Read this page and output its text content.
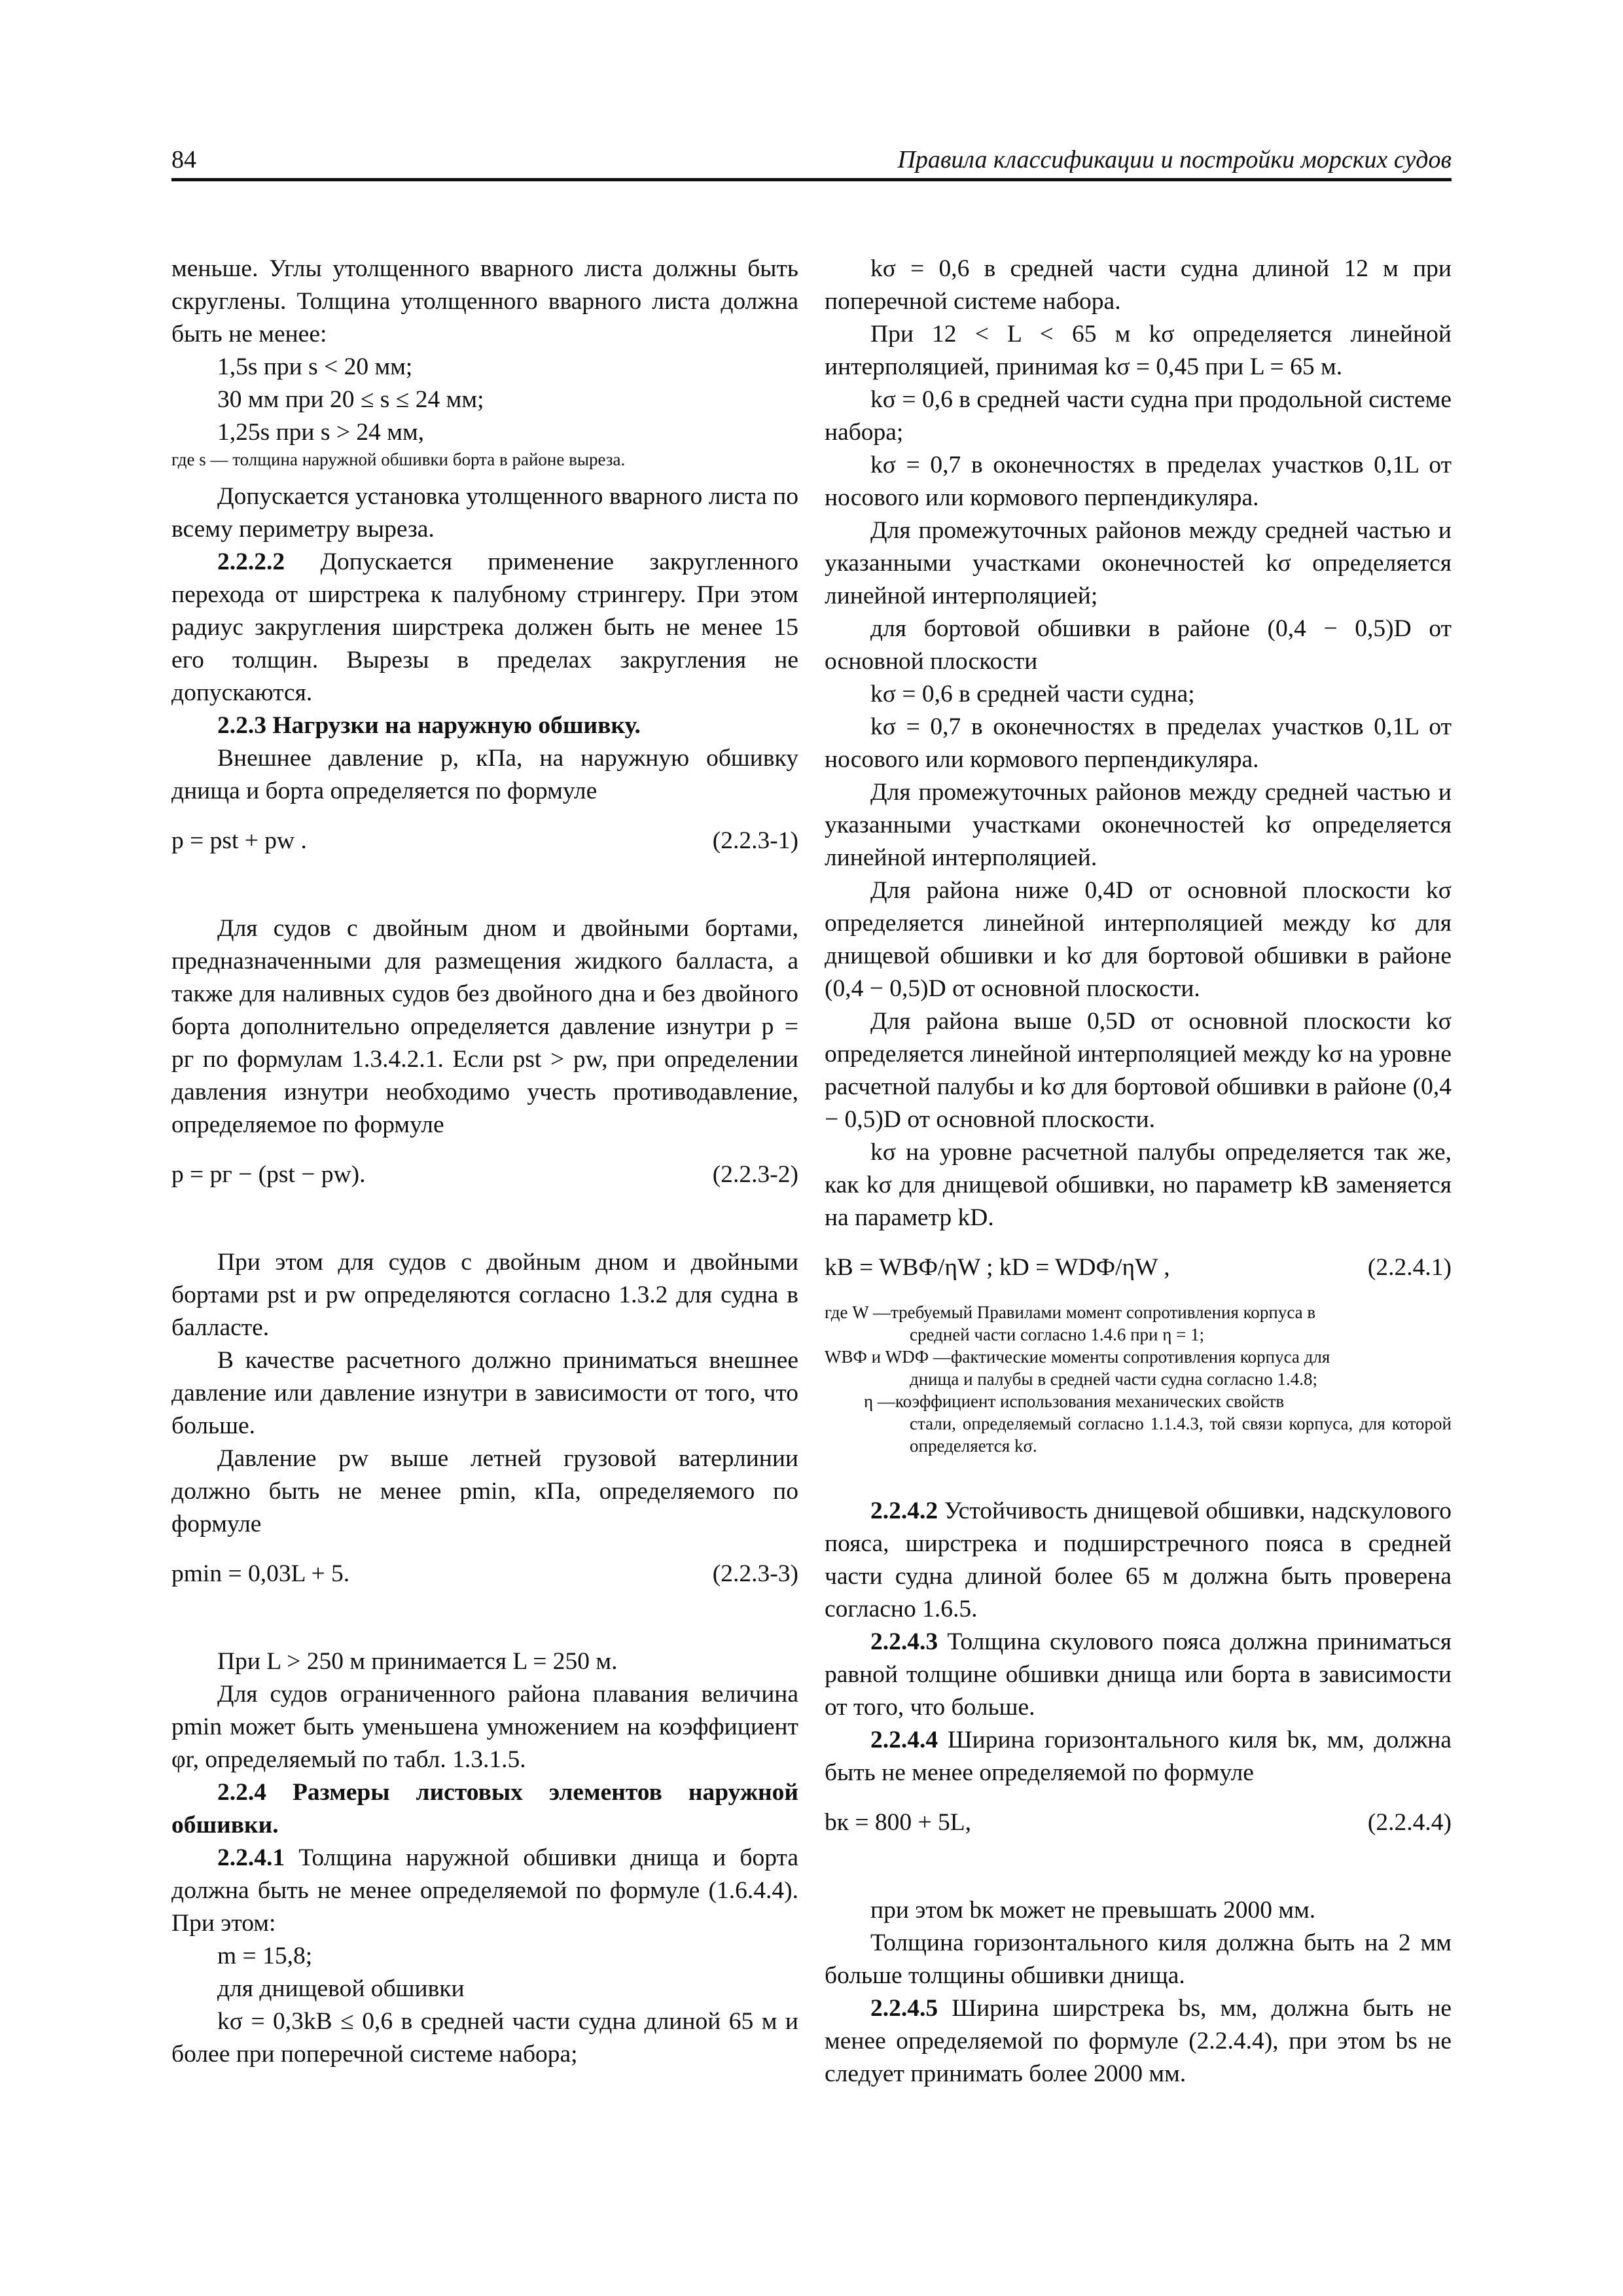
84	Правила классификации и постройки морских судов

меньше. Углы утолщенного вварного листа должны быть скруглены. Толщина утолщенного вварного листа должна быть не менее:

1,5s при s < 20 мм;

30 мм при 20 ≤ s ≤ 24 мм;

1,25s при s > 24 мм,

где s — толщина наружной обшивки борта в районе выреза.

Допускается установка утолщенного вварного листа по всему периметру выреза.

2.2.2.2 Допускается применение закругленного перехода от ширстрека к палубному стрингеру. При этом радиус закругления ширстрека должен быть не менее 15 его толщин. Вырезы в пределах закругления не допускаются.

2.2.3 Нагрузки на наружную обшивку.

Внешнее давление p, кПа, на наружную обшивку днища и борта определяется по формуле

p = pst + pw .	(2.2.3-1)

Для судов с двойным дном и двойными бортами, предназначенными для размещения жидкого балласта, а также для наливных судов без двойного дна и без двойного борта дополнительно определяется давление изнутри p = pг по формулам 1.3.4.2.1. Если pst > pw, при определении давления изнутри необходимо учесть противодавление, определяемое по формуле

p = pг − (pst − pw).	(2.2.3-2)

При этом для судов с двойным дном и двойными бортами pst и pw определяются согласно 1.3.2 для судна в балласте.

В качестве расчетного должно приниматься внешнее давление или давление изнутри в зависимости от того, что больше.

Давление pw выше летней грузовой ватерлинии должно быть не менее pmin, кПа, определяемого по формуле

pmin = 0,03L + 5.	(2.2.3-3)

При L > 250 м принимается L = 250 м.

Для судов ограниченного района плавания величина pmin может быть уменьшена умножением на коэффициент φr, определяемый по табл. 1.3.1.5.

2.2.4 Размеры листовых элементов наружной обшивки.

2.2.4.1 Толщина наружной обшивки днища и борта должна быть не менее определяемой по формуле (1.6.4.4). При этом:

m = 15,8;

для днищевой обшивки

kσ = 0,3kB ≤ 0,6 в средней части судна длиной 65 м и более при поперечной системе набора;

kσ = 0,6 в средней части судна длиной 12 м при поперечной системе набора.

При 12 < L < 65 м kσ определяется линейной интерполяцией, принимая kσ = 0,45 при L = 65 м.

kσ = 0,6 в средней части судна при продольной системе набора;

kσ = 0,7 в оконечностях в пределах участков 0,1L от носового или кормового перпендикуляра.

Для промежуточных районов между средней частью и указанными участками оконечностей kσ определяется линейной интерполяцией;

для бортовой обшивки в районе (0,4 − 0,5)D от основной плоскости

kσ = 0,6 в средней части судна;

kσ = 0,7 в оконечностях в пределах участков 0,1L от носового или кормового перпендикуляра.

Для промежуточных районов между средней частью и указанными участками оконечностей kσ определяется линейной интерполяцией.

Для района ниже 0,4D от основной плоскости kσ определяется линейной интерполяцией между kσ для днищевой обшивки и kσ для бортовой обшивки в районе (0,4 − 0,5)D от основной плоскости.

Для района выше 0,5D от основной плоскости kσ определяется линейной интерполяцией между kσ на уровне расчетной палубы и kσ для бортовой обшивки в районе (0,4 − 0,5)D от основной плоскости.

kσ на уровне расчетной палубы определяется так же, как kσ для днищевой обшивки, но параметр kB заменяется на параметр kD.

kB = WBФ/ηW ; kD = WDФ/ηW ,	(2.2.4.1)
где W — требуемый Правилами момент сопротивления корпуса в
средней части согласно 1.4.6 при η = 1;
WBФ и WDФ — фактические моменты сопротивления корпуса для
днища и палубы в средней части судна согласно 1.4.8;
η — коэффициент использования механических свойств
стали, определяемый согласно 1.1.4.3, той связи корпуса, для которой определяется kσ.

2.2.4.2 Устойчивость днищевой обшивки, надскулового пояса, ширстрека и подширстречного пояса в средней части судна длиной более 65 м должна быть проверена согласно 1.6.5.

2.2.4.3 Толщина скулового пояса должна приниматься равной толщине обшивки днища или борта в зависимости от того, что больше.

2.2.4.4 Ширина горизонтального киля bк, мм, должна быть не менее определяемой по формуле

bк = 800 + 5L,	(2.2.4.4)

при этом bк может не превышать 2000 мм.

Толщина горизонтального киля должна быть на 2 мм больше толщины обшивки днища.

2.2.4.5 Ширина ширстрека bs, мм, должна быть не менее определяемой по формуле (2.2.4.4), при этом bs не следует принимать более 2000 мм.
